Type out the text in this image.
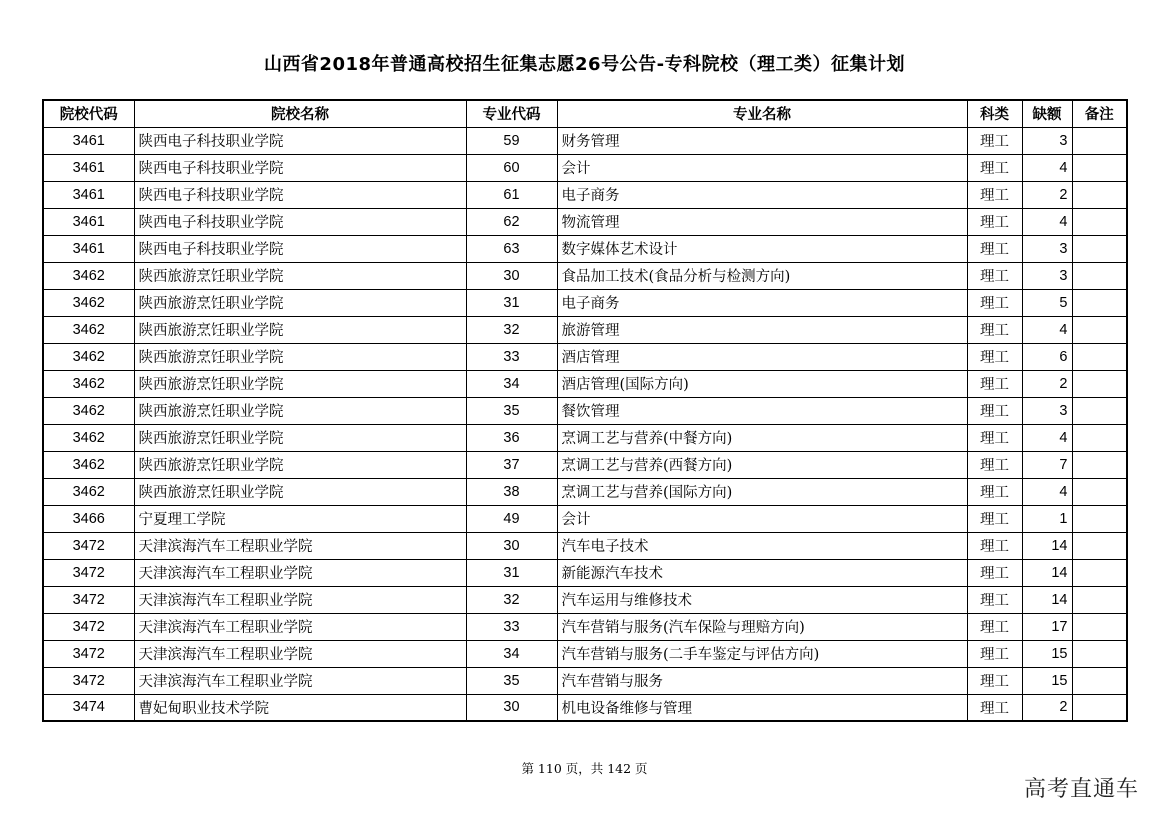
山西省2018年普通高校招生征集志愿26号公告-专科院校（理工类）征集计划
院校代码	院校名称	专业代码	专业名称	科类	缺额	备注
3461	陕西电子科技职业学院	59	财务管理	理工	3	
3461	陕西电子科技职业学院	60	会计	理工	4	
3461	陕西电子科技职业学院	61	电子商务	理工	2	
3461	陕西电子科技职业学院	62	物流管理	理工	4	
3461	陕西电子科技职业学院	63	数字媒体艺术设计	理工	3	
3462	陕西旅游烹饪职业学院	30	食品加工技术(食品分析与检测方向)	理工	3	
3462	陕西旅游烹饪职业学院	31	电子商务	理工	5	
3462	陕西旅游烹饪职业学院	32	旅游管理	理工	4	
3462	陕西旅游烹饪职业学院	33	酒店管理	理工	6	
3462	陕西旅游烹饪职业学院	34	酒店管理(国际方向)	理工	2	
3462	陕西旅游烹饪职业学院	35	餐饮管理	理工	3	
3462	陕西旅游烹饪职业学院	36	烹调工艺与营养(中餐方向)	理工	4	
3462	陕西旅游烹饪职业学院	37	烹调工艺与营养(西餐方向)	理工	7	
3462	陕西旅游烹饪职业学院	38	烹调工艺与营养(国际方向)	理工	4	
3466	宁夏理工学院	49	会计	理工	1	
3472	天津滨海汽车工程职业学院	30	汽车电子技术	理工	14	
3472	天津滨海汽车工程职业学院	31	新能源汽车技术	理工	14	
3472	天津滨海汽车工程职业学院	32	汽车运用与维修技术	理工	14	
3472	天津滨海汽车工程职业学院	33	汽车营销与服务(汽车保险与理赔方向)	理工	17	
3472	天津滨海汽车工程职业学院	34	汽车营销与服务(二手车鉴定与评估方向)	理工	15	
3472	天津滨海汽车工程职业学院	35	汽车营销与服务	理工	15	
3474	曹妃甸职业技术学院	30	机电设备维修与管理	理工	2	
第 110 页，共 142 页
高考直通车
